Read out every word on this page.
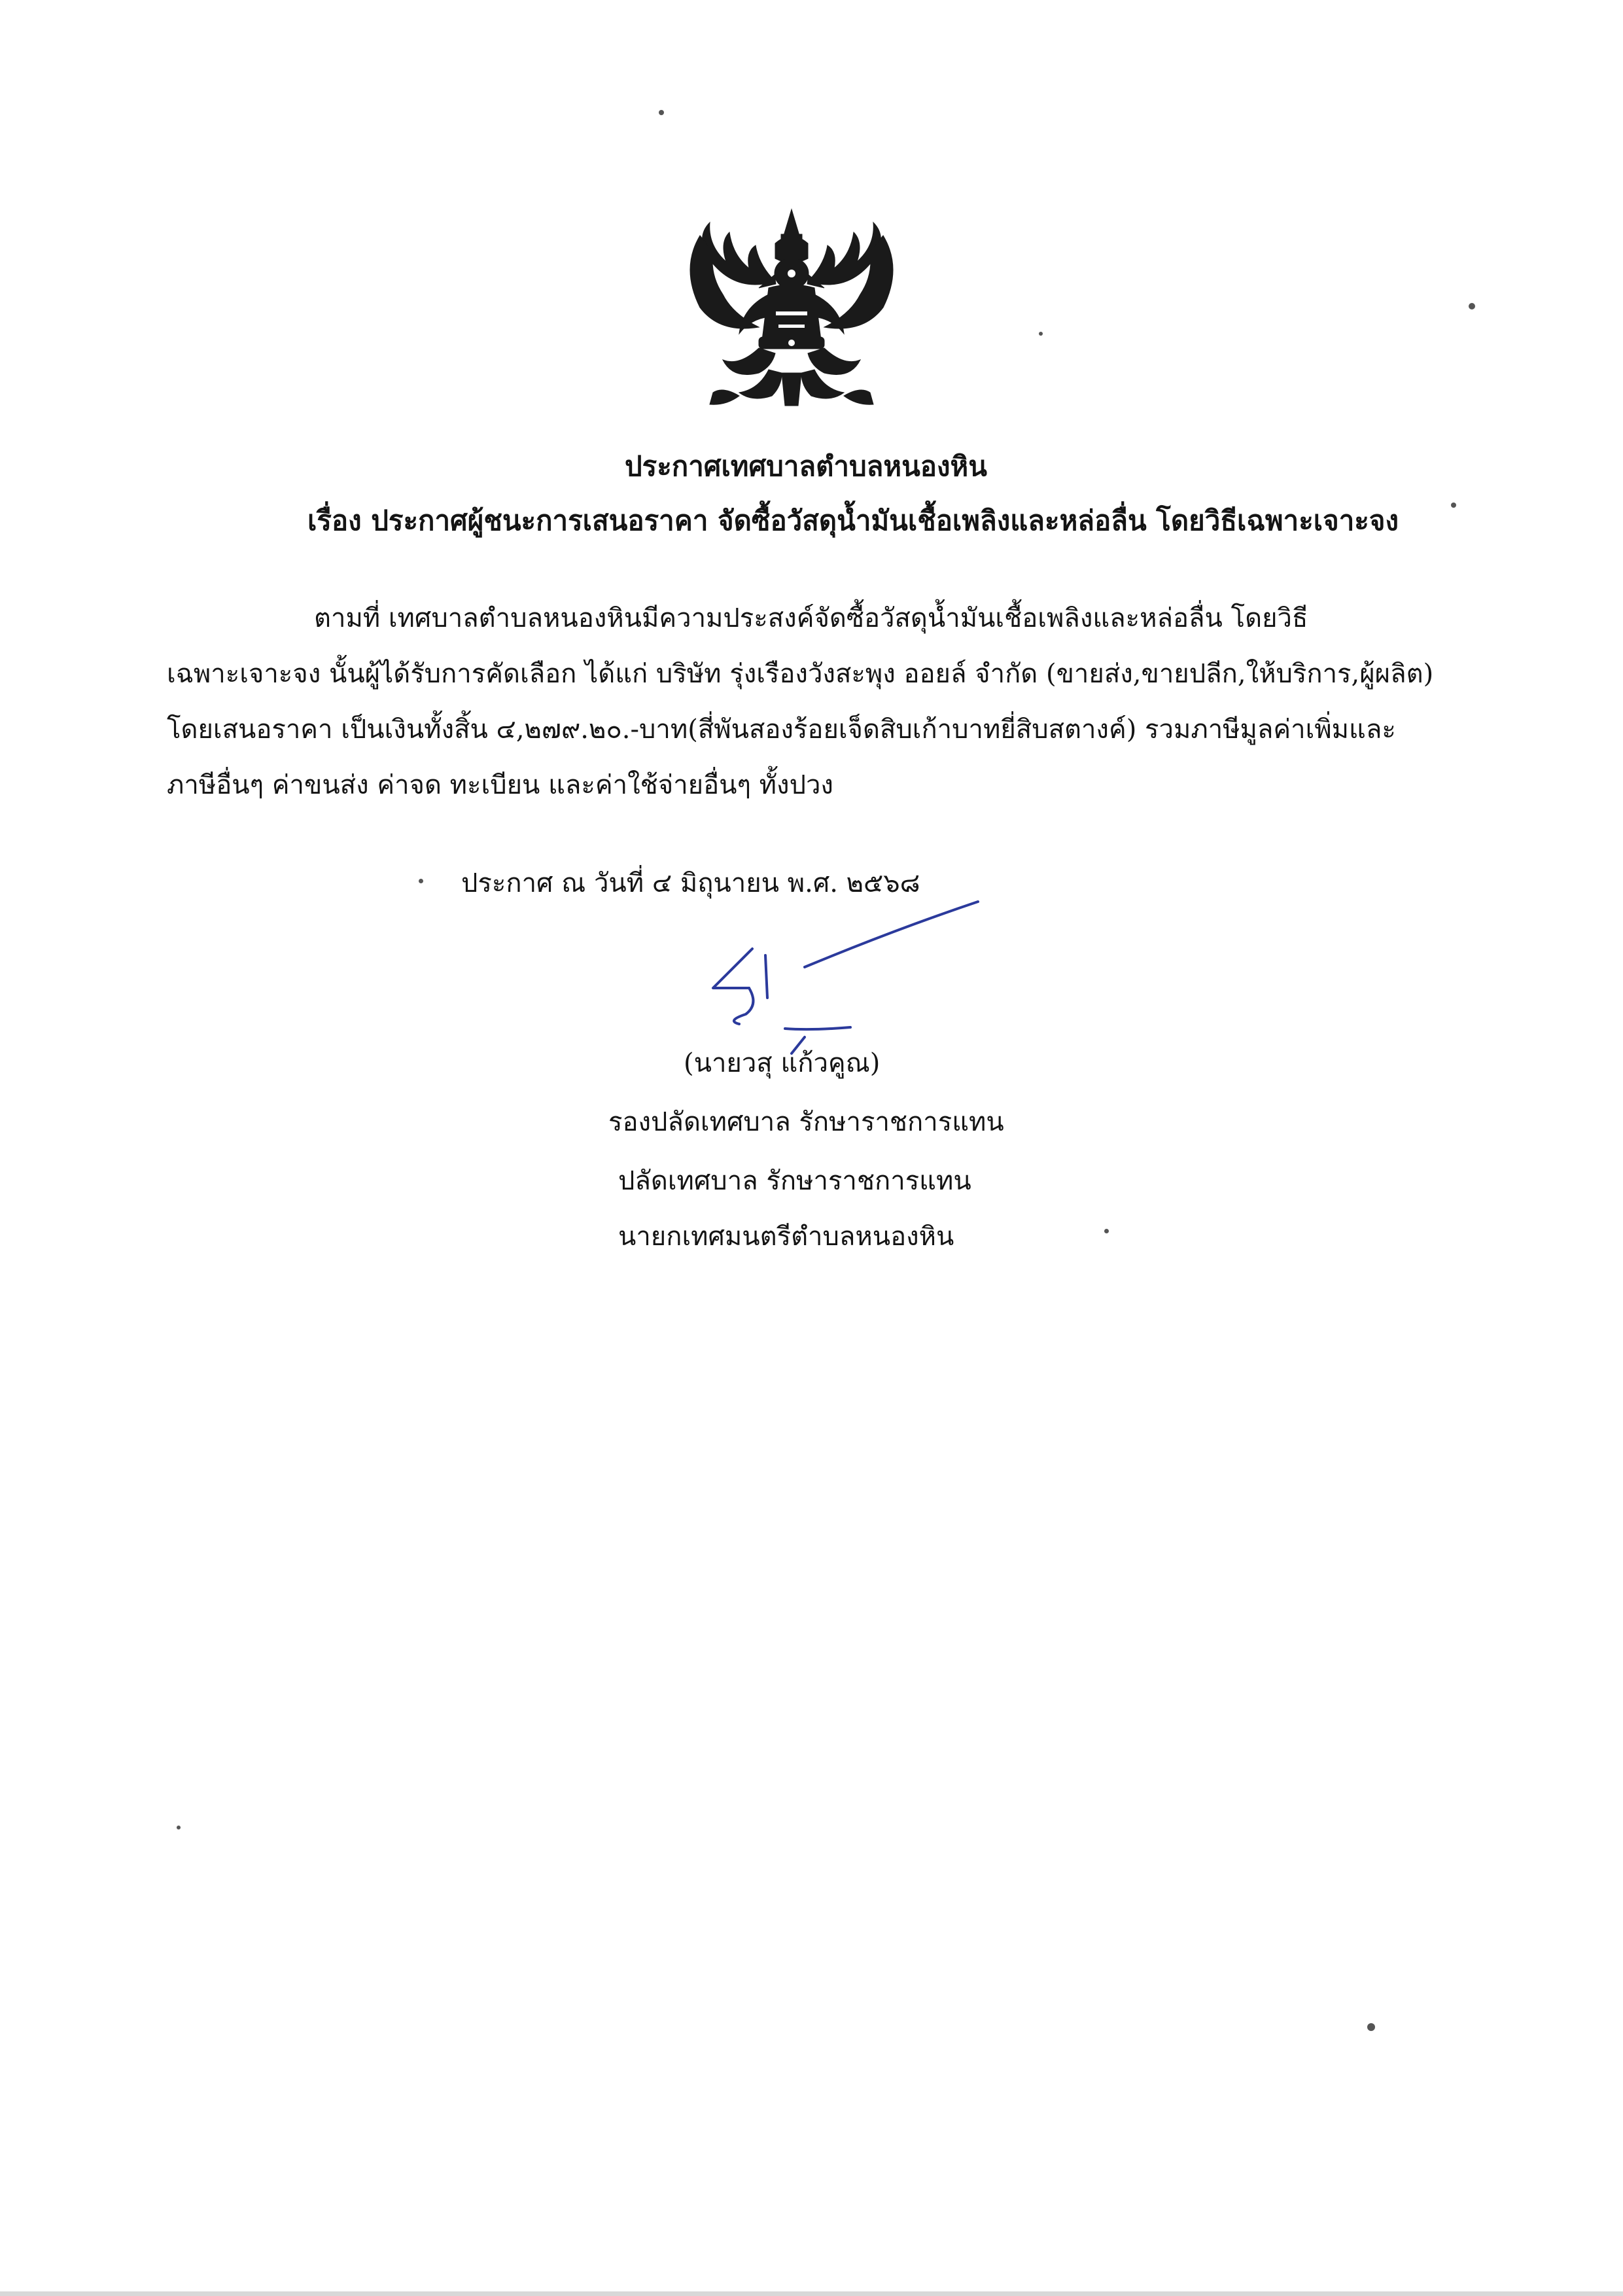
ประกาศเทศบาลตำบลหนองหิน
เรื่อง ประกาศผู้ชนะการเสนอราคา จัดซื้อวัสดุน้ำมันเชื้อเพลิงและหล่อลื่น โดยวิธีเฉพาะเจาะจง
ตามที่ เทศบาลตำบลหนองหินมีความประสงค์จัดซื้อวัสดุน้ำมันเชื้อเพลิงและหล่อลื่น โดยวิธี
เฉพาะเจาะจง นั้นผู้ได้รับการคัดเลือก ได้แก่ บริษัท รุ่งเรืองวังสะพุง ออยล์ จำกัด (ขายส่ง,ขายปลีก,ให้บริการ,ผู้ผลิต)
โดยเสนอราคา เป็นเงินทั้งสิ้น ๔,๒๗๙.๒๐.-บาท(สี่พันสองร้อยเจ็ดสิบเก้าบาทยี่สิบสตางค์) รวมภาษีมูลค่าเพิ่มและ
ภาษีอื่นๆ ค่าขนส่ง ค่าจด ทะเบียน และค่าใช้จ่ายอื่นๆ ทั้งปวง
ประกาศ ณ วันที่ ๔ มิถุนายน พ.ศ. ๒๕๖๘
(นายวสุ แก้วคูณ)
รองปลัดเทศบาล รักษาราชการแทน
ปลัดเทศบาล รักษาราชการแทน
นายกเทศมนตรีตำบลหนองหิน
